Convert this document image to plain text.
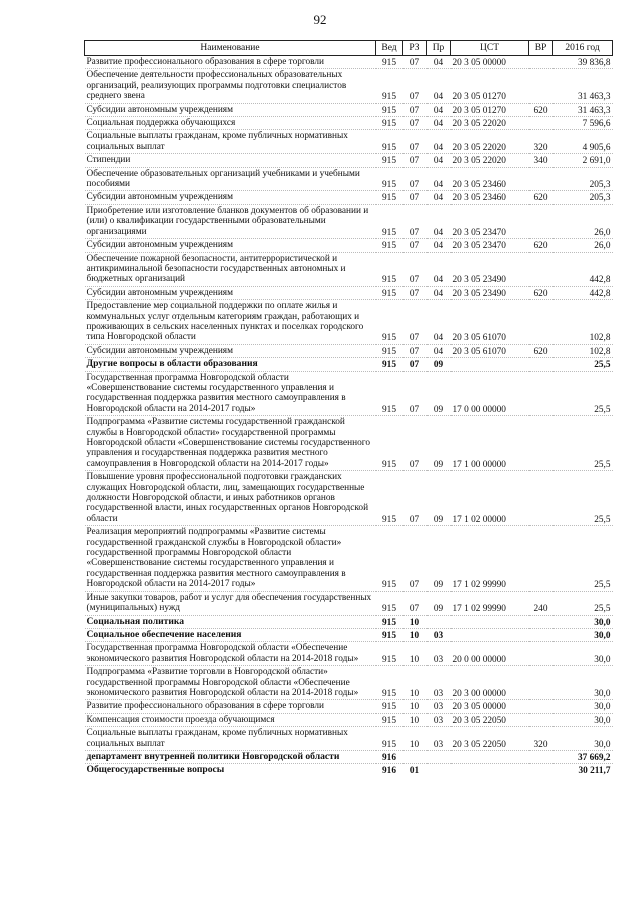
92
Наименование	Вед	РЗ	Пр	ЦСТ	ВР	2016 год
Развитие профессионального образования в сфере торговли	915	07	04	20 3 05 00000		39 836,8
Обеспечение деятельности профессиональных образовательных организаций, реализующих программы подготовки специалистов среднего звена	915	07	04	20 3 05 01270		31 463,3
Субсидии автономным учреждениям	915	07	04	20 3 05 01270	620	31 463,3
Социальная поддержка обучающихся	915	07	04	20 3 05 22020		7 596,6
Социальные выплаты гражданам, кроме публичных нормативных социальных выплат	915	07	04	20 3 05 22020	320	4 905,6
Стипендии	915	07	04	20 3 05 22020	340	2 691,0
Обеспечение образовательных организаций учебниками и учебными пособиями	915	07	04	20 3 05 23460		205,3
Субсидии автономным учреждениям	915	07	04	20 3 05 23460	620	205,3
Приобретение или изготовление бланков документов об образовании и (или) о квалификации государственными образовательными организациями	915	07	04	20 3 05 23470		26,0
Субсидии автономным учреждениям	915	07	04	20 3 05 23470	620	26,0
Обеспечение пожарной безопасности, антитеррористической и антикриминальной безопасности государственных автономных и бюджетных организаций	915	07	04	20 3 05 23490		442,8
Субсидии автономным учреждениям	915	07	04	20 3 05 23490	620	442,8
Предоставление мер социальной поддержки по оплате жилья и коммунальных услуг отдельным категориям граждан, работающих и проживающих в сельских населенных пунктах и поселках городского типа Новгородской области	915	07	04	20 3 05 61070		102,8
Субсидии автономным учреждениям	915	07	04	20 3 05 61070	620	102,8
Другие вопросы в области образования	915	07	09			25,5
Государственная программа Новгородской области «Совершенствование системы государственного управления и государственная поддержка развития местного самоуправления в Новгородской области на 2014-2017 годы»	915	07	09	17 0 00 00000		25,5
Подпрограмма «Развитие системы государственной гражданской службы в Новгородской области» государственной программы Новгородской области «Совершенствование системы государственного управления и государственная поддержка развития местного самоуправления в Новгородской области на 2014-2017 годы»	915	07	09	17 1 00 00000		25,5
Повышение уровня профессиональной подготовки гражданских служащих Новгородской области, лиц, замещающих государственные должности Новгородской области, и иных работников органов государственной власти, иных государственных органов Новгородской области	915	07	09	17 1 02 00000		25,5
Реализация мероприятий подпрограммы «Развитие системы государственной гражданской службы в Новгородской области» государственной программы Новгородской области «Совершенствование системы государственного управления и государственная поддержка развития местного самоуправления в Новгородской области на 2014-2017 годы»	915	07	09	17 1 02 99990		25,5
Иные закупки товаров, работ и услуг для обеспечения государственных (муниципальных) нужд	915	07	09	17 1 02 99990	240	25,5
Социальная политика	915	10				30,0
Социальное обеспечение населения	915	10	03			30,0
Государственная программа Новгородской области «Обеспечение экономического развития Новгородской области на 2014-2018 годы»	915	10	03	20 0 00 00000		30,0
Подпрограмма «Развитие торговли в Новгородской области» государственной программы Новгородской области «Обеспечение экономического развития Новгородской области на 2014-2018 годы»	915	10	03	20 3 00 00000		30,0
Развитие профессионального образования в сфере торговли	915	10	03	20 3 05 00000		30,0
Компенсация стоимости проезда обучающимся	915	10	03	20 3 05 22050		30,0
Социальные выплаты гражданам, кроме публичных нормативных социальных выплат	915	10	03	20 3 05 22050	320	30,0
департамент внутренней политики Новгородской области	916					37 669,2
Общегосударственные вопросы	916	01				30 211,7
